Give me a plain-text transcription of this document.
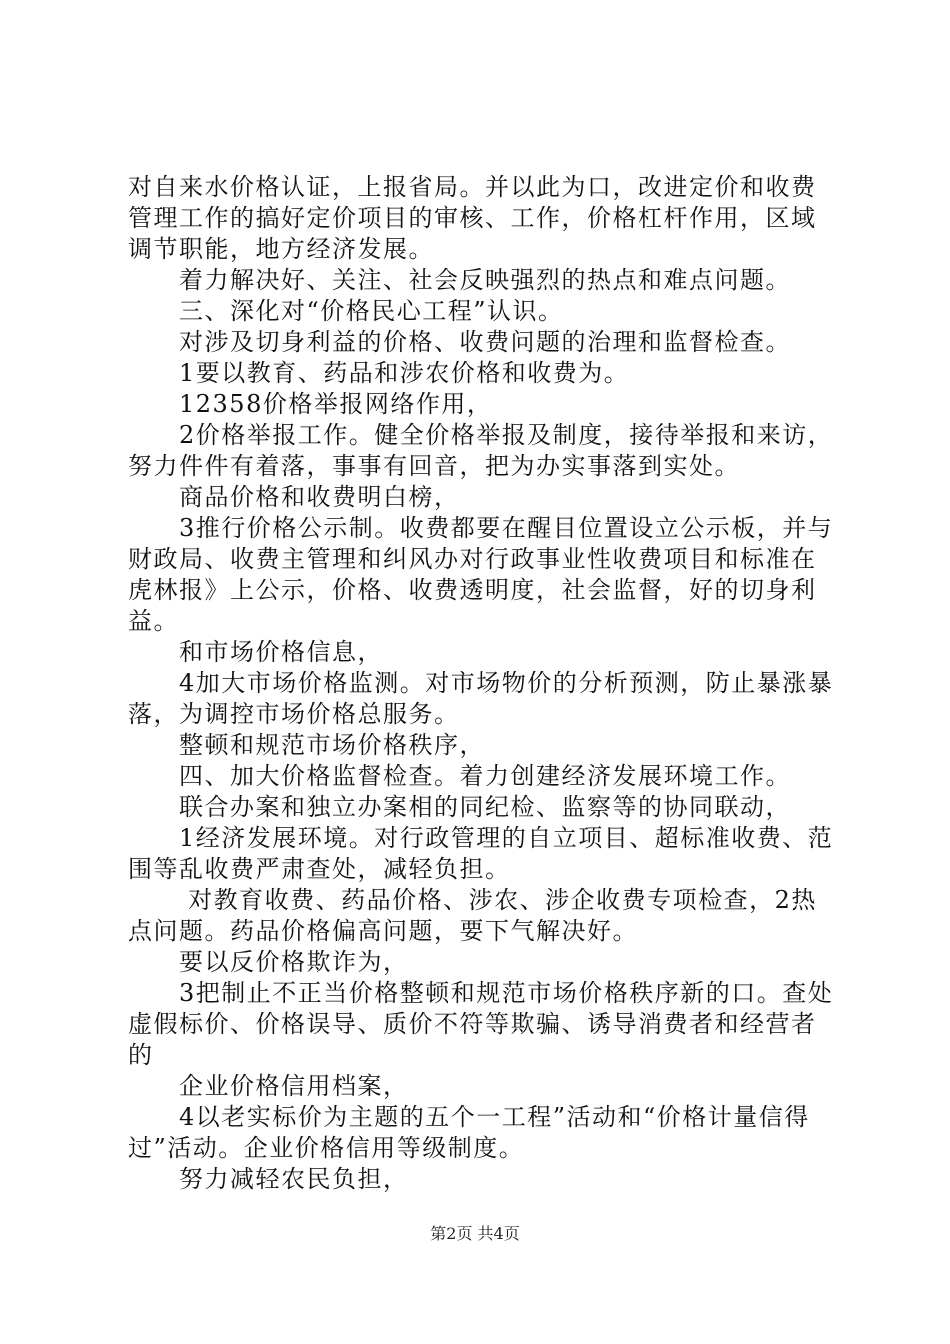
对自来水价格认证，上报省局。并以此为口，改进定价和收费管理工作的搞好定价项目的审核、工作，价格杠杆作用，区域调节职能，地方经济发展。

　　着力解决好、关注、社会反映强烈的热点和难点问题。

　　三、深化对“价格民心工程”认识。

　　对涉及切身利益的价格、收费问题的治理和监督检查。

　　1要以教育、药品和涉农价格和收费为。

　　12358价格举报网络作用，

　　2价格举报工作。健全价格举报及制度，接待举报和来访，努力件件有着落，事事有回音，把为办实事落到实处。

　　商品价格和收费明白榜，

　　3推行价格公示制。收费都要在醒目位置设立公示板，并与财政局、收费主管理和纠风办对行政事业性收费项目和标准在虎林报》上公示，价格、收费透明度，社会监督，好的切身利益。

　　和市场价格信息，

　　4加大市场价格监测。对市场物价的分析预测，防止暴涨暴落，为调控市场价格总服务。

　　整顿和规范市场价格秩序，

　　四、加大价格监督检查。着力创建经济发展环境工作。

　　联合办案和独立办案相的同纪检、监察等的协同联动，

　　1经济发展环境。对行政管理的自立项目、超标准收费、范围等乱收费严肃查处，减轻负担。

　　 对教育收费、药品价格、涉农、涉企收费专项检查，2热点问题。药品价格偏高问题，要下气解决好。

　　要以反价格欺诈为，

　　3把制止不正当价格整顿和规范市场价格秩序新的口。查处虚假标价、价格误导、质价不符等欺骗、诱导消费者和经营者的

　　企业价格信用档案，

　　4以老实标价为主题的五个一工程”活动和“价格计量信得过”活动。企业价格信用等级制度。

　　努力减轻农民负担，

第2页 共4页
